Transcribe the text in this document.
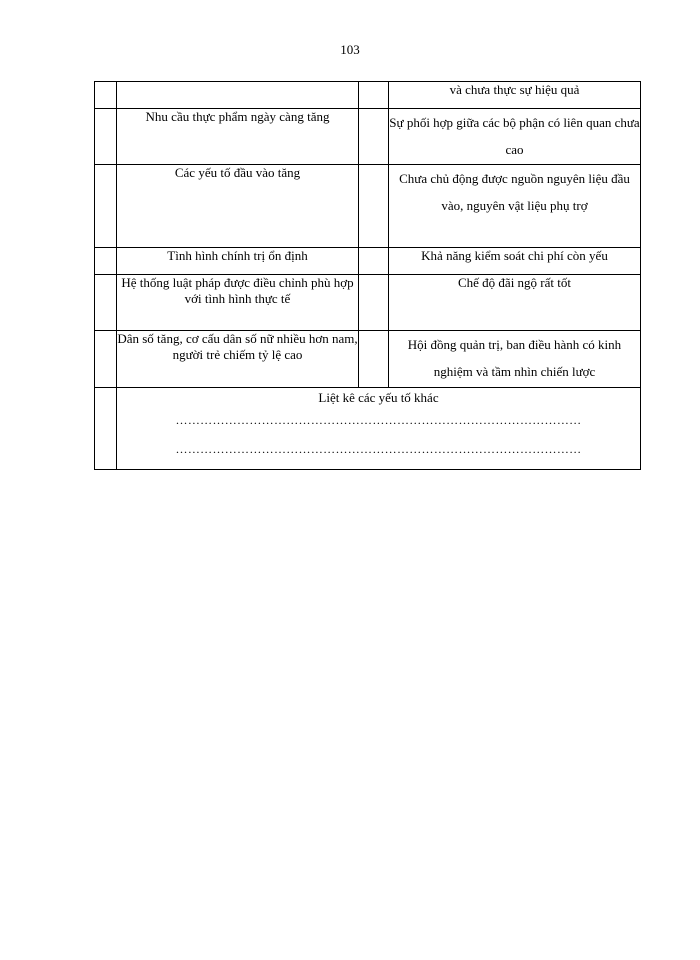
103
			và chưa thực sự hiệu quả
	Nhu cầu thực phẩm ngày càng tăng		Sự phối hợp giữa các bộ phận có liên quan chưa cao
	Các yếu tố đầu vào tăng		Chưa chủ động được nguồn nguyên liệu đầu vào, nguyên vật liệu phụ trợ
	Tình hình chính trị ổn định		Khả năng kiểm soát chi phí còn yếu
	Hệ thống luật pháp được điều chỉnh phù hợp với tình hình thực tế		Chế độ đãi ngộ rất tốt
	Dân số tăng, cơ cấu dân số nữ nhiều hơn nam, người trẻ chiếm tỷ lệ cao		Hội đồng quản trị, ban điều hành có kinh nghiệm và tầm nhìn chiến lược

	Liệt kê các yếu tố khác
………………………………………………………………………………………
………………………………………………………………………………………		
